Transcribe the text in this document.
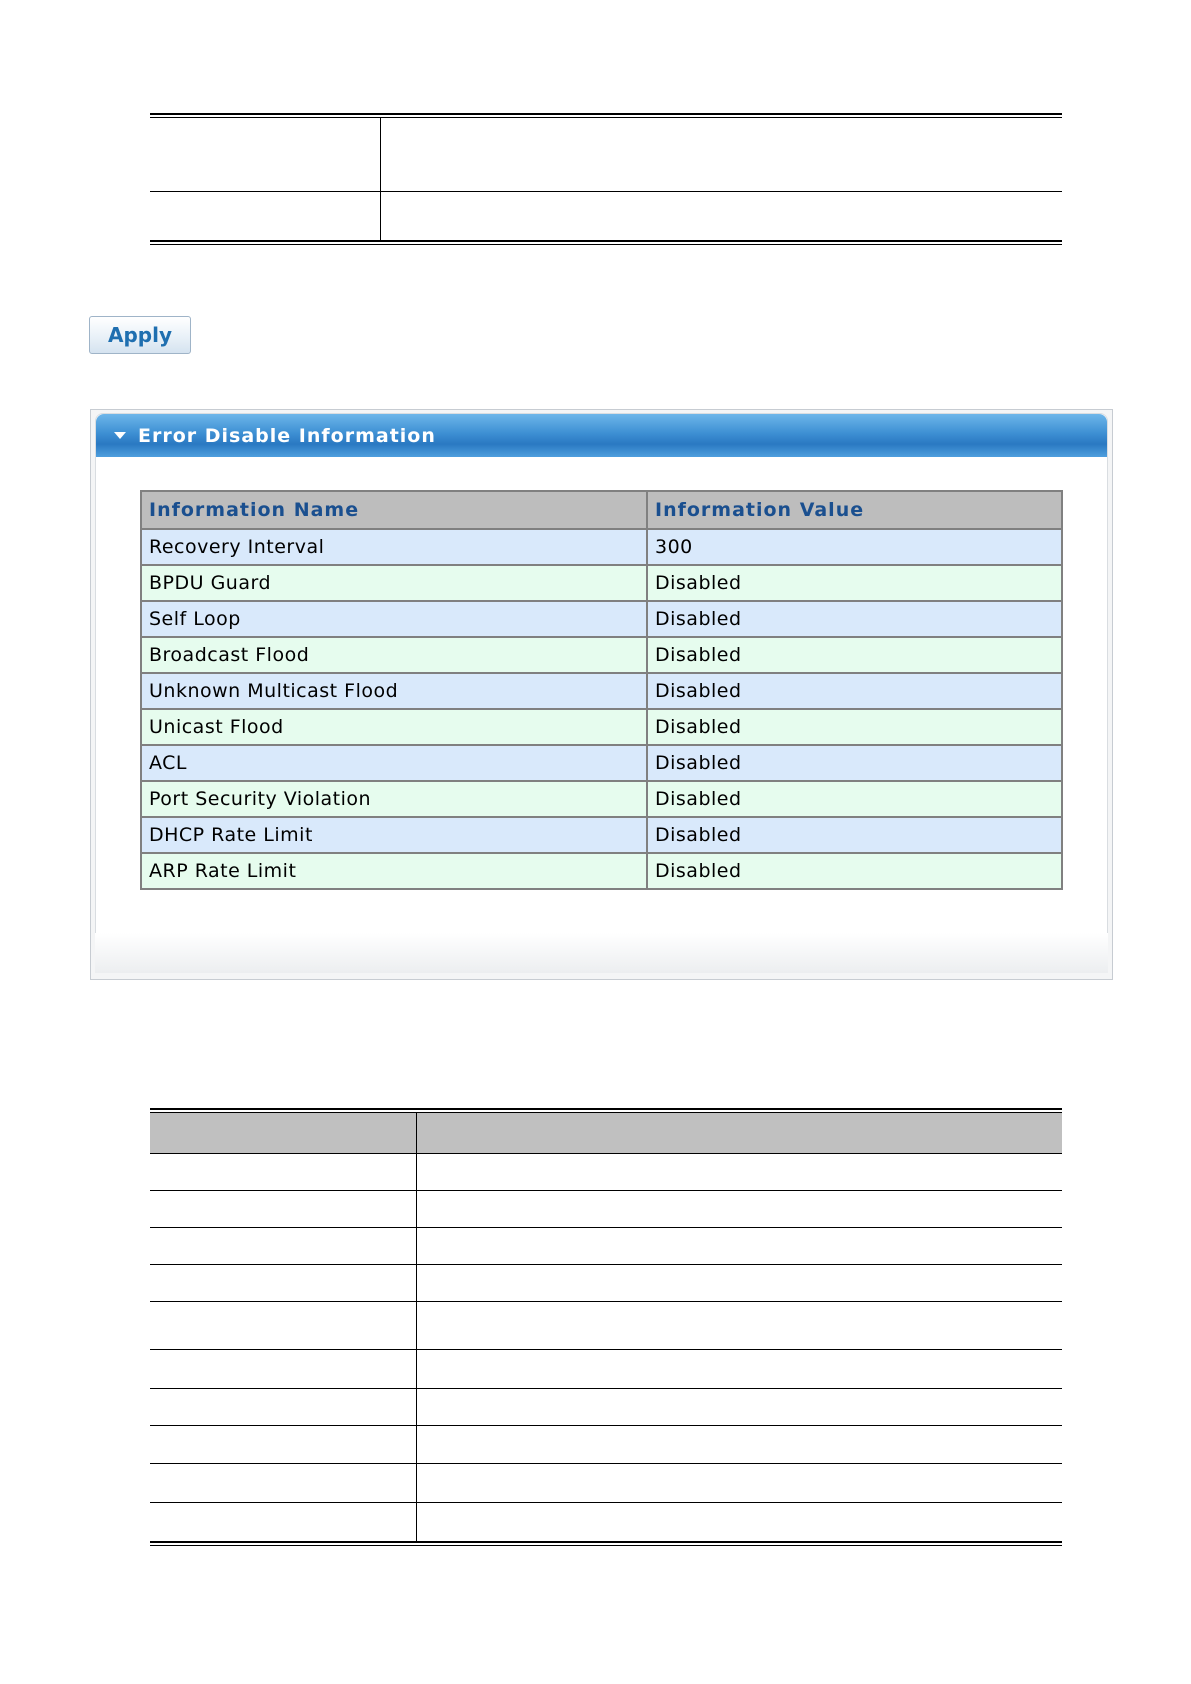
Apply
Error Disable Information
Information Name	Information Value
Recovery Interval	300
BPDU Guard	Disabled
Self Loop	Disabled
Broadcast Flood	Disabled
Unknown Multicast Flood	Disabled
Unicast Flood	Disabled
ACL	Disabled
Port Security Violation	Disabled
DHCP Rate Limit	Disabled
ARP Rate Limit	Disabled
